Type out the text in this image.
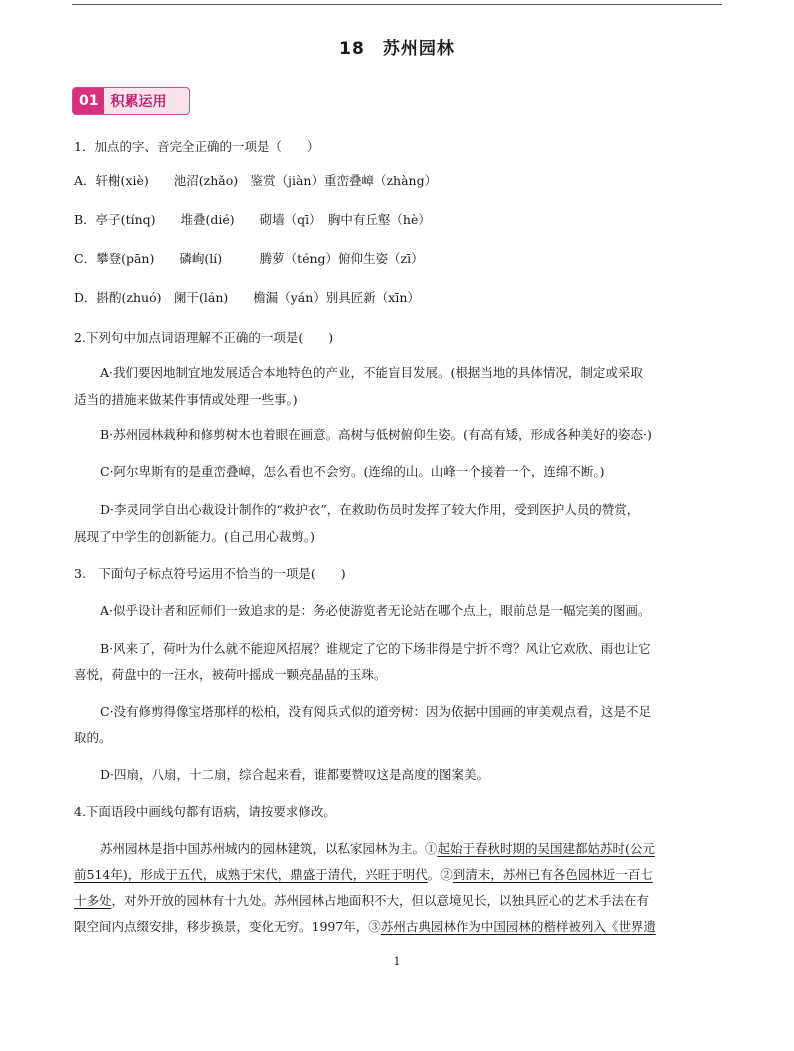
18　苏州园林
01 积累运用
1．加点的字、音完全正确的一项是（　　）
A．轩榭(xiè)　　池沼(zhǎo)　鉴赏（jiàn）重峦叠嶂（zhàng）
B．亭子(tínq)　　堆叠(dié)　　砌墙（qī）　胸中有丘壑（hè）
C．攀登(pān)　　磷峋(lí)　　　腾萝（téng）俯仰生姿（zī）
D．斟酌(zhuó)　阑干(lán)　　檐漏（yán）别具匠新（xīn）
2.下列句中加点词语理解不正确的一项是(　　)
A·我们要因地制宜地发展适合本地特色的产业，不能盲目发展。(根据当地的具体情况，制定或采取
适当的措施来做某件事情或处理一些事。)
B·苏州园林栽种和修剪树木也着眼在画意。高树与低树俯仰生姿。(有高有矮，形成各种美好的姿态·)
C·阿尔卑斯有的是重峦叠嶂，怎么看也不会穷。(连绵的山。山峰一个接着一个，连绵不断。)
D·李灵同学自出心裁设计制作的“救护衣”，在救助伤员时发挥了较大作用，受到医护人员的赞赏，
展现了中学生的创新能力。(自己用心裁剪。)
3.　下面句子标点符号运用不恰当的一项是(　　)
A·似乎设计者和匠师们一致追求的是：务必使游览者无论站在哪个点上，眼前总是一幅完美的图画。
B·风来了，荷叶为什么就不能迎风招展？谁规定了它的下场非得是宁折不弯？风让它欢欣、雨也让它
喜悦，荷盘中的一汪水，被荷叶摇成一颗亮晶晶的玉珠。
C·没有修剪得像宝塔那样的松柏，没有阅兵式似的道旁树：因为依据中国画的审美观点看，这是不足
取的。
D·四扇，八扇，十二扇，综合起来看，谁都要赞叹这是高度的图案美。
4.下面语段中画线句都有语病，请按要求修改。
苏州园林是指中国苏州城内的园林建筑，以私家园林为主。①起始于春秋时期的吴国建都姑苏时(公元
前514年)，形成于五代，成熟于宋代，鼎盛于清代，兴旺于明代。②到清末，苏州已有各色园林近一百七
十多处，对外开放的园林有十九处。苏州园林占地面积不大，但以意境见长，以独具匠心的艺术手法在有
限空间内点缀安排，移步换景，变化无穷。1997年，③苏州古典园林作为中国园林的楷样被列入《世界遗
1
